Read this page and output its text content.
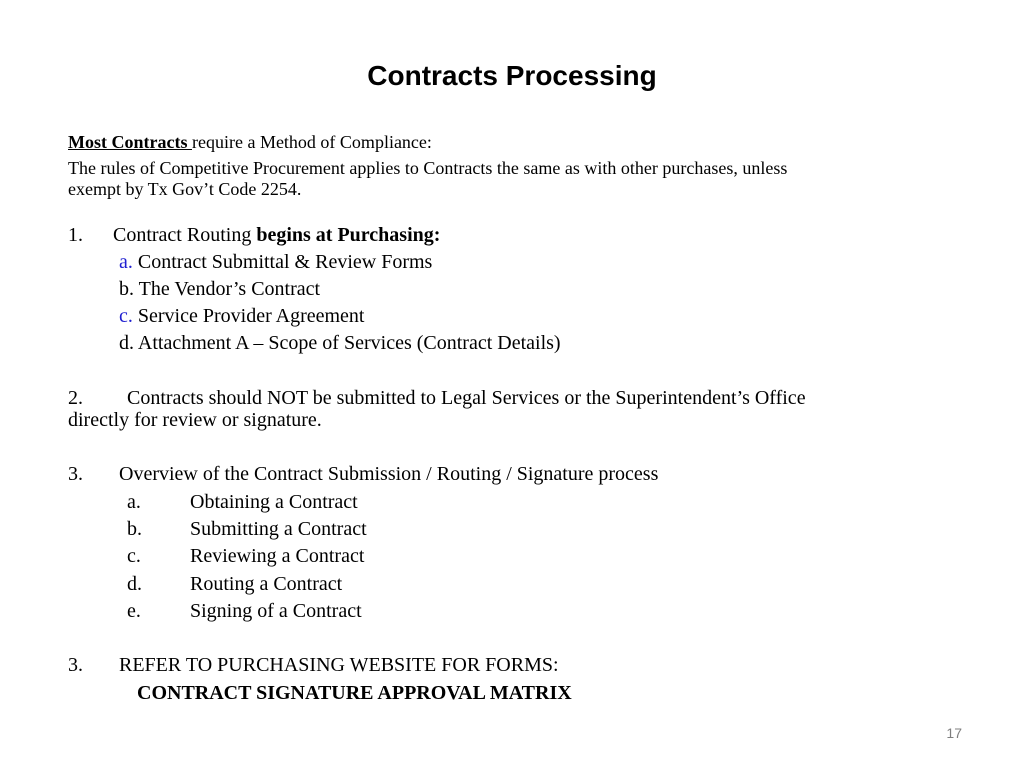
Contracts Processing
Most Contracts require a Method of Compliance:
The rules of Competitive Procurement applies to Contracts the same as with other purchases, unless
exempt by Tx Gov’t Code 2254.
1. Contract Routing begins at Purchasing:
a. Contract Submittal & Review Forms
b. The Vendor’s Contract
c. Service Provider Agreement
d. Attachment A – Scope of Services (Contract Details)
2. Contracts should NOT be submitted to Legal Services or the Superintendent’s Office
directly for review or signature.
3. Overview of the Contract Submission / Routing / Signature process
a. Obtaining a Contract
b. Submitting a Contract
c. Reviewing a Contract
d. Routing a Contract
e. Signing of a Contract
3. REFER TO PURCHASING WEBSITE FOR FORMS:
CONTRACT SIGNATURE APPROVAL MATRIX
17
